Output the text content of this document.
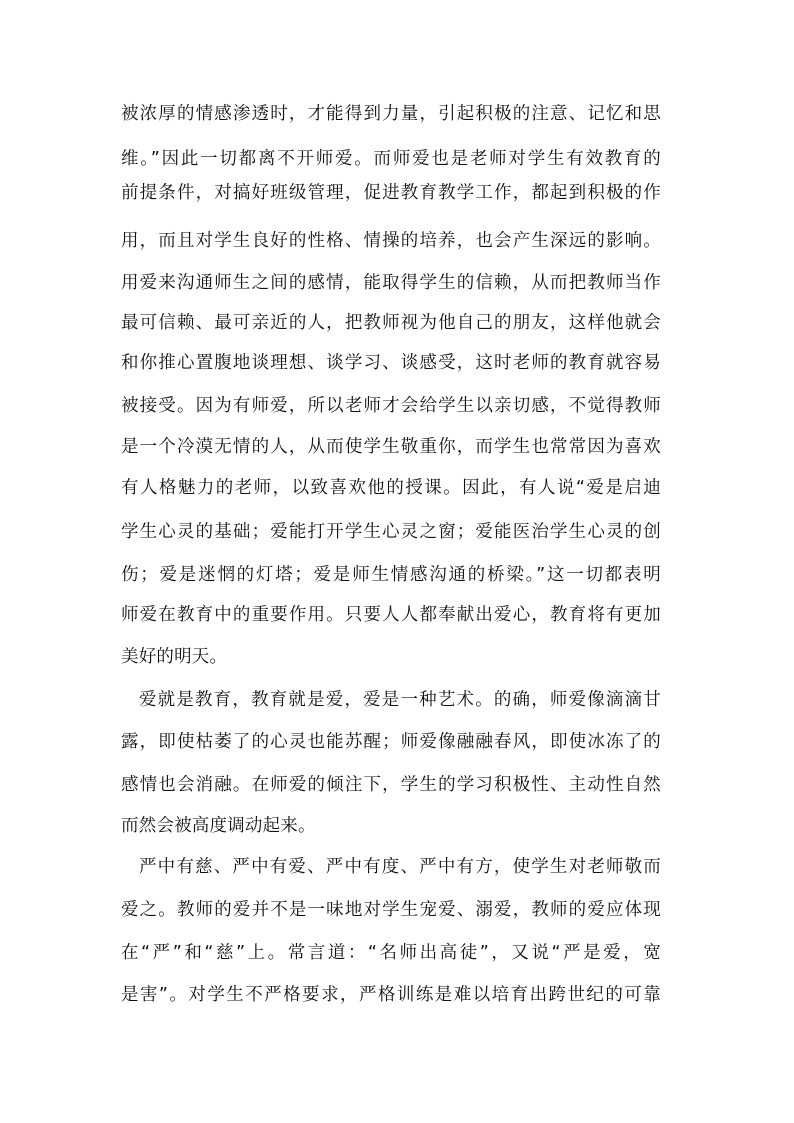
被浓厚的情感渗透时，才能得到力量，引起积极的注意、记忆和思
维。”因此一切都离不开师爱。而师爱也是老师对学生有效教育的
前提条件，对搞好班级管理，促进教育教学工作，都起到积极的作
用，而且对学生良好的性格、情操的培养，也会产生深远的影响。
用爱来沟通师生之间的感情，能取得学生的信赖，从而把教师当作
最可信赖、最可亲近的人，把教师视为他自己的朋友，这样他就会
和你推心置腹地谈理想、谈学习、谈感受，这时老师的教育就容易
被接受。因为有师爱，所以老师才会给学生以亲切感，不觉得教师
是一个冷漠无情的人，从而使学生敬重你，而学生也常常因为喜欢
有人格魅力的老师，以致喜欢他的授课。因此，有人说“爱是启迪
学生心灵的基础；爱能打开学生心灵之窗；爱能医治学生心灵的创
伤；爱是迷惘的灯塔；爱是师生情感沟通的桥梁。”这一切都表明
师爱在教育中的重要作用。只要人人都奉献出爱心，教育将有更加
美好的明天。
爱就是教育，教育就是爱，爱是一种艺术。的确，师爱像滴滴甘
露，即使枯萎了的心灵也能苏醒；师爱像融融春风，即使冰冻了的
感情也会消融。在师爱的倾注下，学生的学习积极性、主动性自然
而然会被高度调动起来。
严中有慈、严中有爱、严中有度、严中有方，使学生对老师敬而
爱之。教师的爱并不是一味地对学生宠爱、溺爱，教师的爱应体现
在“严”和“慈”上。常言道：“名师出高徒”，又说“严是爱，宽
是害”。对学生不严格要求，严格训练是难以培育出跨世纪的可靠
